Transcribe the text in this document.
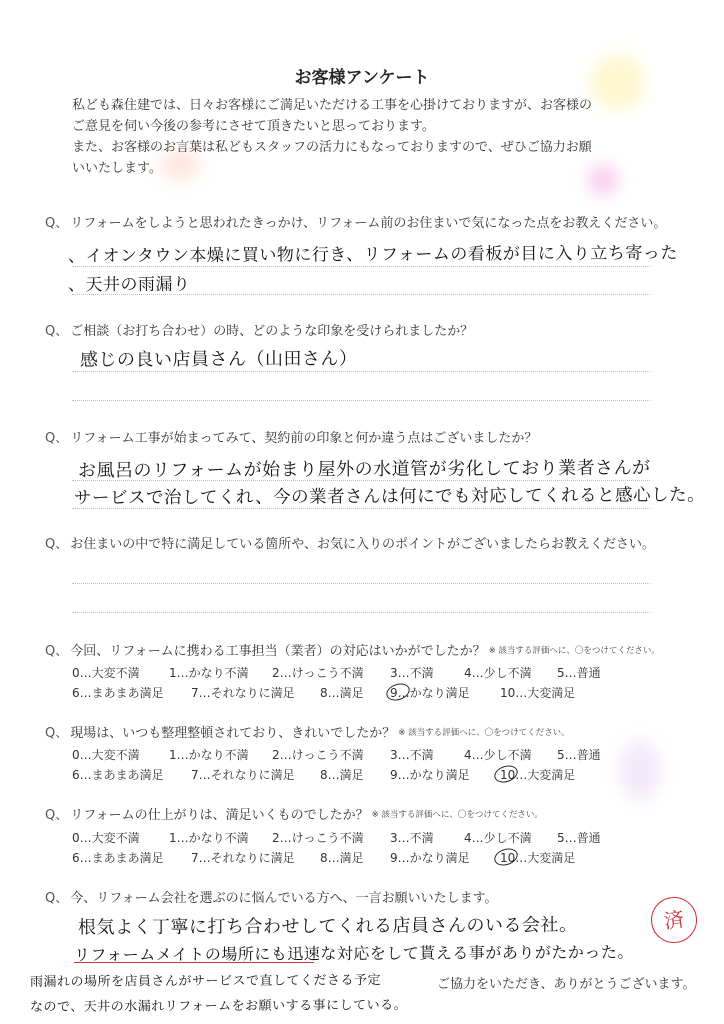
お客様アンケート
私ども森住建では、日々お客様にご満足いただける工事を心掛けておりますが、お客様の
ご意見を伺い今後の参考にさせて頂きたいと思っております。
また、お客様のお言葉は私どもスタッフの活力にもなっておりますので、ぜひご協力お願
いいたします。
Q、 リフォームをしようと思われたきっかけ、リフォーム前のお住まいで気になった点をお教えください。
、イオンタウン本燥に買い物に行き、リフォームの看板が目に入り立ち寄った
、天井の雨漏り
Q、 ご相談（お打ち合わせ）の時、どのような印象を受けられましたか？
感じの良い店員さん（山田さん）
Q、 リフォーム工事が始まってみて、契約前の印象と何か違う点はございましたか？
お風呂のリフォームが始まり屋外の水道管が劣化しており業者さんが
サービスで治してくれ、今の業者さんは何にでも対応してくれると感心した。
Q、 お住まいの中で特に満足している箇所や、お気に入りのポイントがございましたらお教えください。
Q、 今回、リフォームに携わる工事担当（業者）の対応はいかがでしたか？ ※ 該当する評価へに、〇をつけてください。
0…大変不満 1…かなり不満 2…けっこう不満 3…不満	4…少し不満 5…普通
6…まあまあ満足 7…それなりに満足 8…満足 9…かなり満足	10…大変満足
Q、 現場は、いつも整理整頓されており、きれいでしたか？ ※ 該当する評価へに、〇をつけてください。
0…大変不満 1…かなり不満 2…けっこう不満 3…不満	4…少し不満 5…普通
6…まあまあ満足 7…それなりに満足 8…満足 9…かなり満足	10…大変満足
Q、 リフォームの仕上がりは、満足いくものでしたか？ ※ 該当する評価へに、〇をつけてください。
0…大変不満 1…かなり不満 2…けっこう不満 3…不満	4…少し不満 5…普通
6…まあまあ満足 7…それなりに満足 8…満足 9…かなり満足	10…大変満足
Q、 今、リフォーム会社を選ぶのに悩んでいる方へ、一言お願いいたします。
根気よく丁寧に打ち合わせしてくれる店員さんのいる会社。
リフォームメイトの場所にも迅速な対応をして貰える事がありがたかった。
済
雨漏れの場所を店員さんがサービスで直してくださる予定	ご協力をいただき、ありがとうございます。
なので、天井の水漏れリフォームをお願いする事にしている。
